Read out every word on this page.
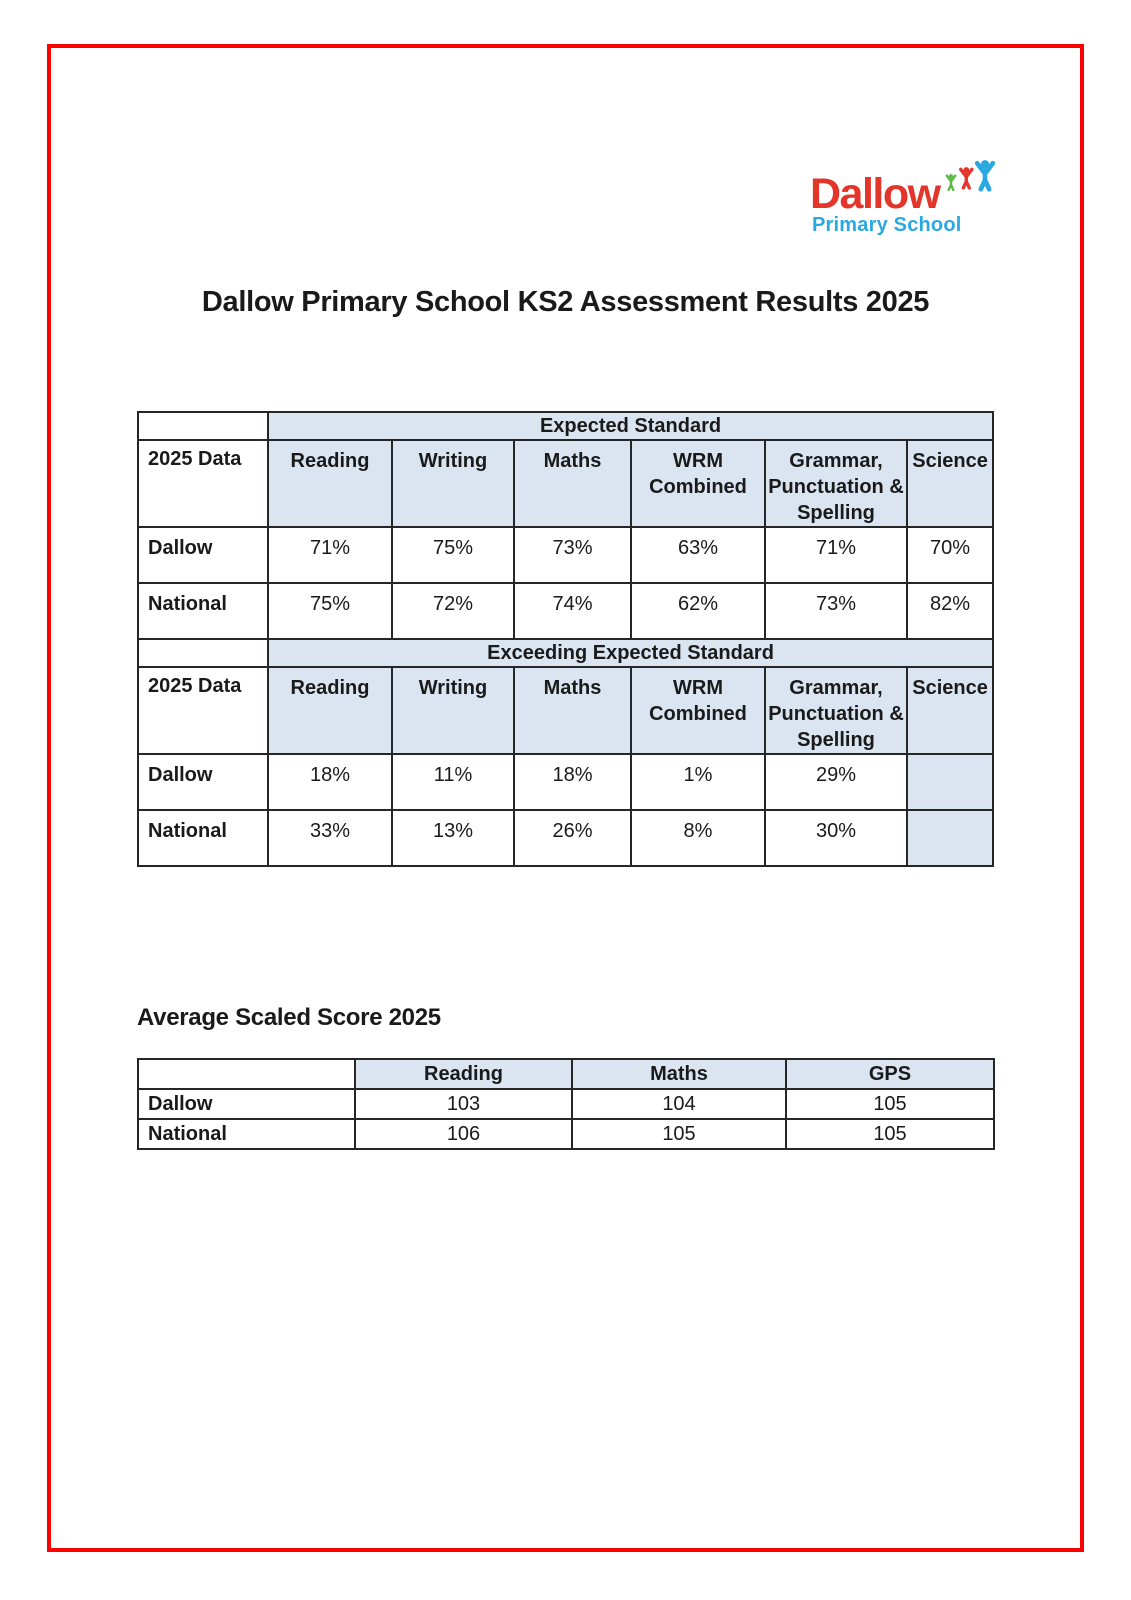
Dallow
Primary School
Dallow Primary School KS2 Assessment Results 2025
	Expected Standard					
2025 Data	Reading	Writing	Maths	WRM Combined	Grammar, Punctuation & Spelling	Science
Dallow	71%	75%	73%	63%	71%	70%
National	75%	72%	74%	62%	73%	82%
	Exceeding Expected Standard					
2025 Data	Reading	Writing	Maths	WRM Combined	Grammar, Punctuation & Spelling	Science
Dallow	18%	11%	18%	1%	29%	
National	33%	13%	26%	8%	30%	
Average Scaled Score 2025
	Reading	Maths	GPS
Dallow	103	104	105
National	106	105	105
